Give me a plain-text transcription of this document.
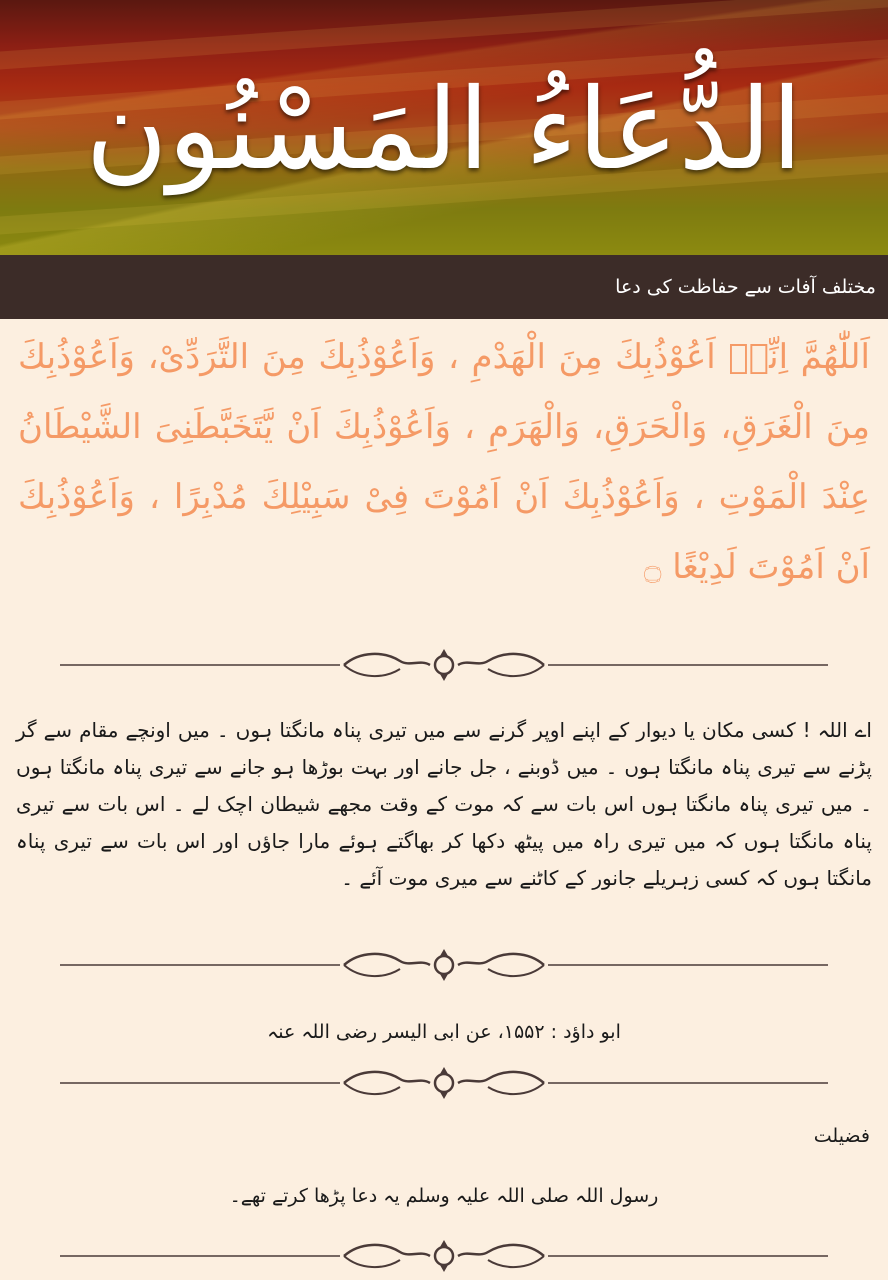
الدُّعَاءُ المَسْنُون
مختلف آفات سے حفاظت کی دعا
اَللّٰھُمَّ اِنِّیۤ اَعُوْذُبِكَ مِنَ الْھَدْمِ ، وَاَعُوْذُبِكَ مِنَ التَّرَدِّیْ، وَاَعُوْذُبِكَ مِنَ الْغَرَقِ، وَالْحَرَقِ، وَالْھَرَمِ ، وَاَعُوْذُبِكَ اَنْ یَّتَخَبَّطَنِیَ الشَّیْطَانُ عِنْدَ الْمَوْتِ ، وَاَعُوْذُبِكَ اَنْ اَمُوْتَ فِیْ سَبِیْلِكَ مُدْبِرًا ، وَاَعُوْذُبِكَ اَنْ اَمُوْتَ لَدِیْغًا ۝
اے اللہ ! کسی مکان یا دیوار کے اپنے اوپر گرنے سے میں تیری پناہ مانگتا ہوں ۔ میں اونچے مقام سے گر پڑنے سے تیری پناہ مانگتا ہوں ۔ میں ڈوبنے ، جل جانے اور بہت بوڑھا ہو جانے سے تیری پناہ مانگتا ہوں ۔ میں تیری پناہ مانگتا ہوں اس بات سے کہ موت کے وقت مجھے شیطان اچک لے ۔ اس بات سے تیری پناہ مانگتا ہوں کہ میں تیری راہ میں پیٹھ دکھا کر بھاگتے ہوئے مارا جاؤں اور اس بات سے تیری پناہ مانگتا ہوں کہ کسی زہریلے جانور کے کاٹنے سے میری موت آئے ۔
ابو داؤد : ۱۵۵۲، عن ابی الیسر رضی اللہ عنہ
فضیلت
رسول اللہ صلی اللہ علیہ وسلم یہ دعا پڑھا کرتے تھے۔
